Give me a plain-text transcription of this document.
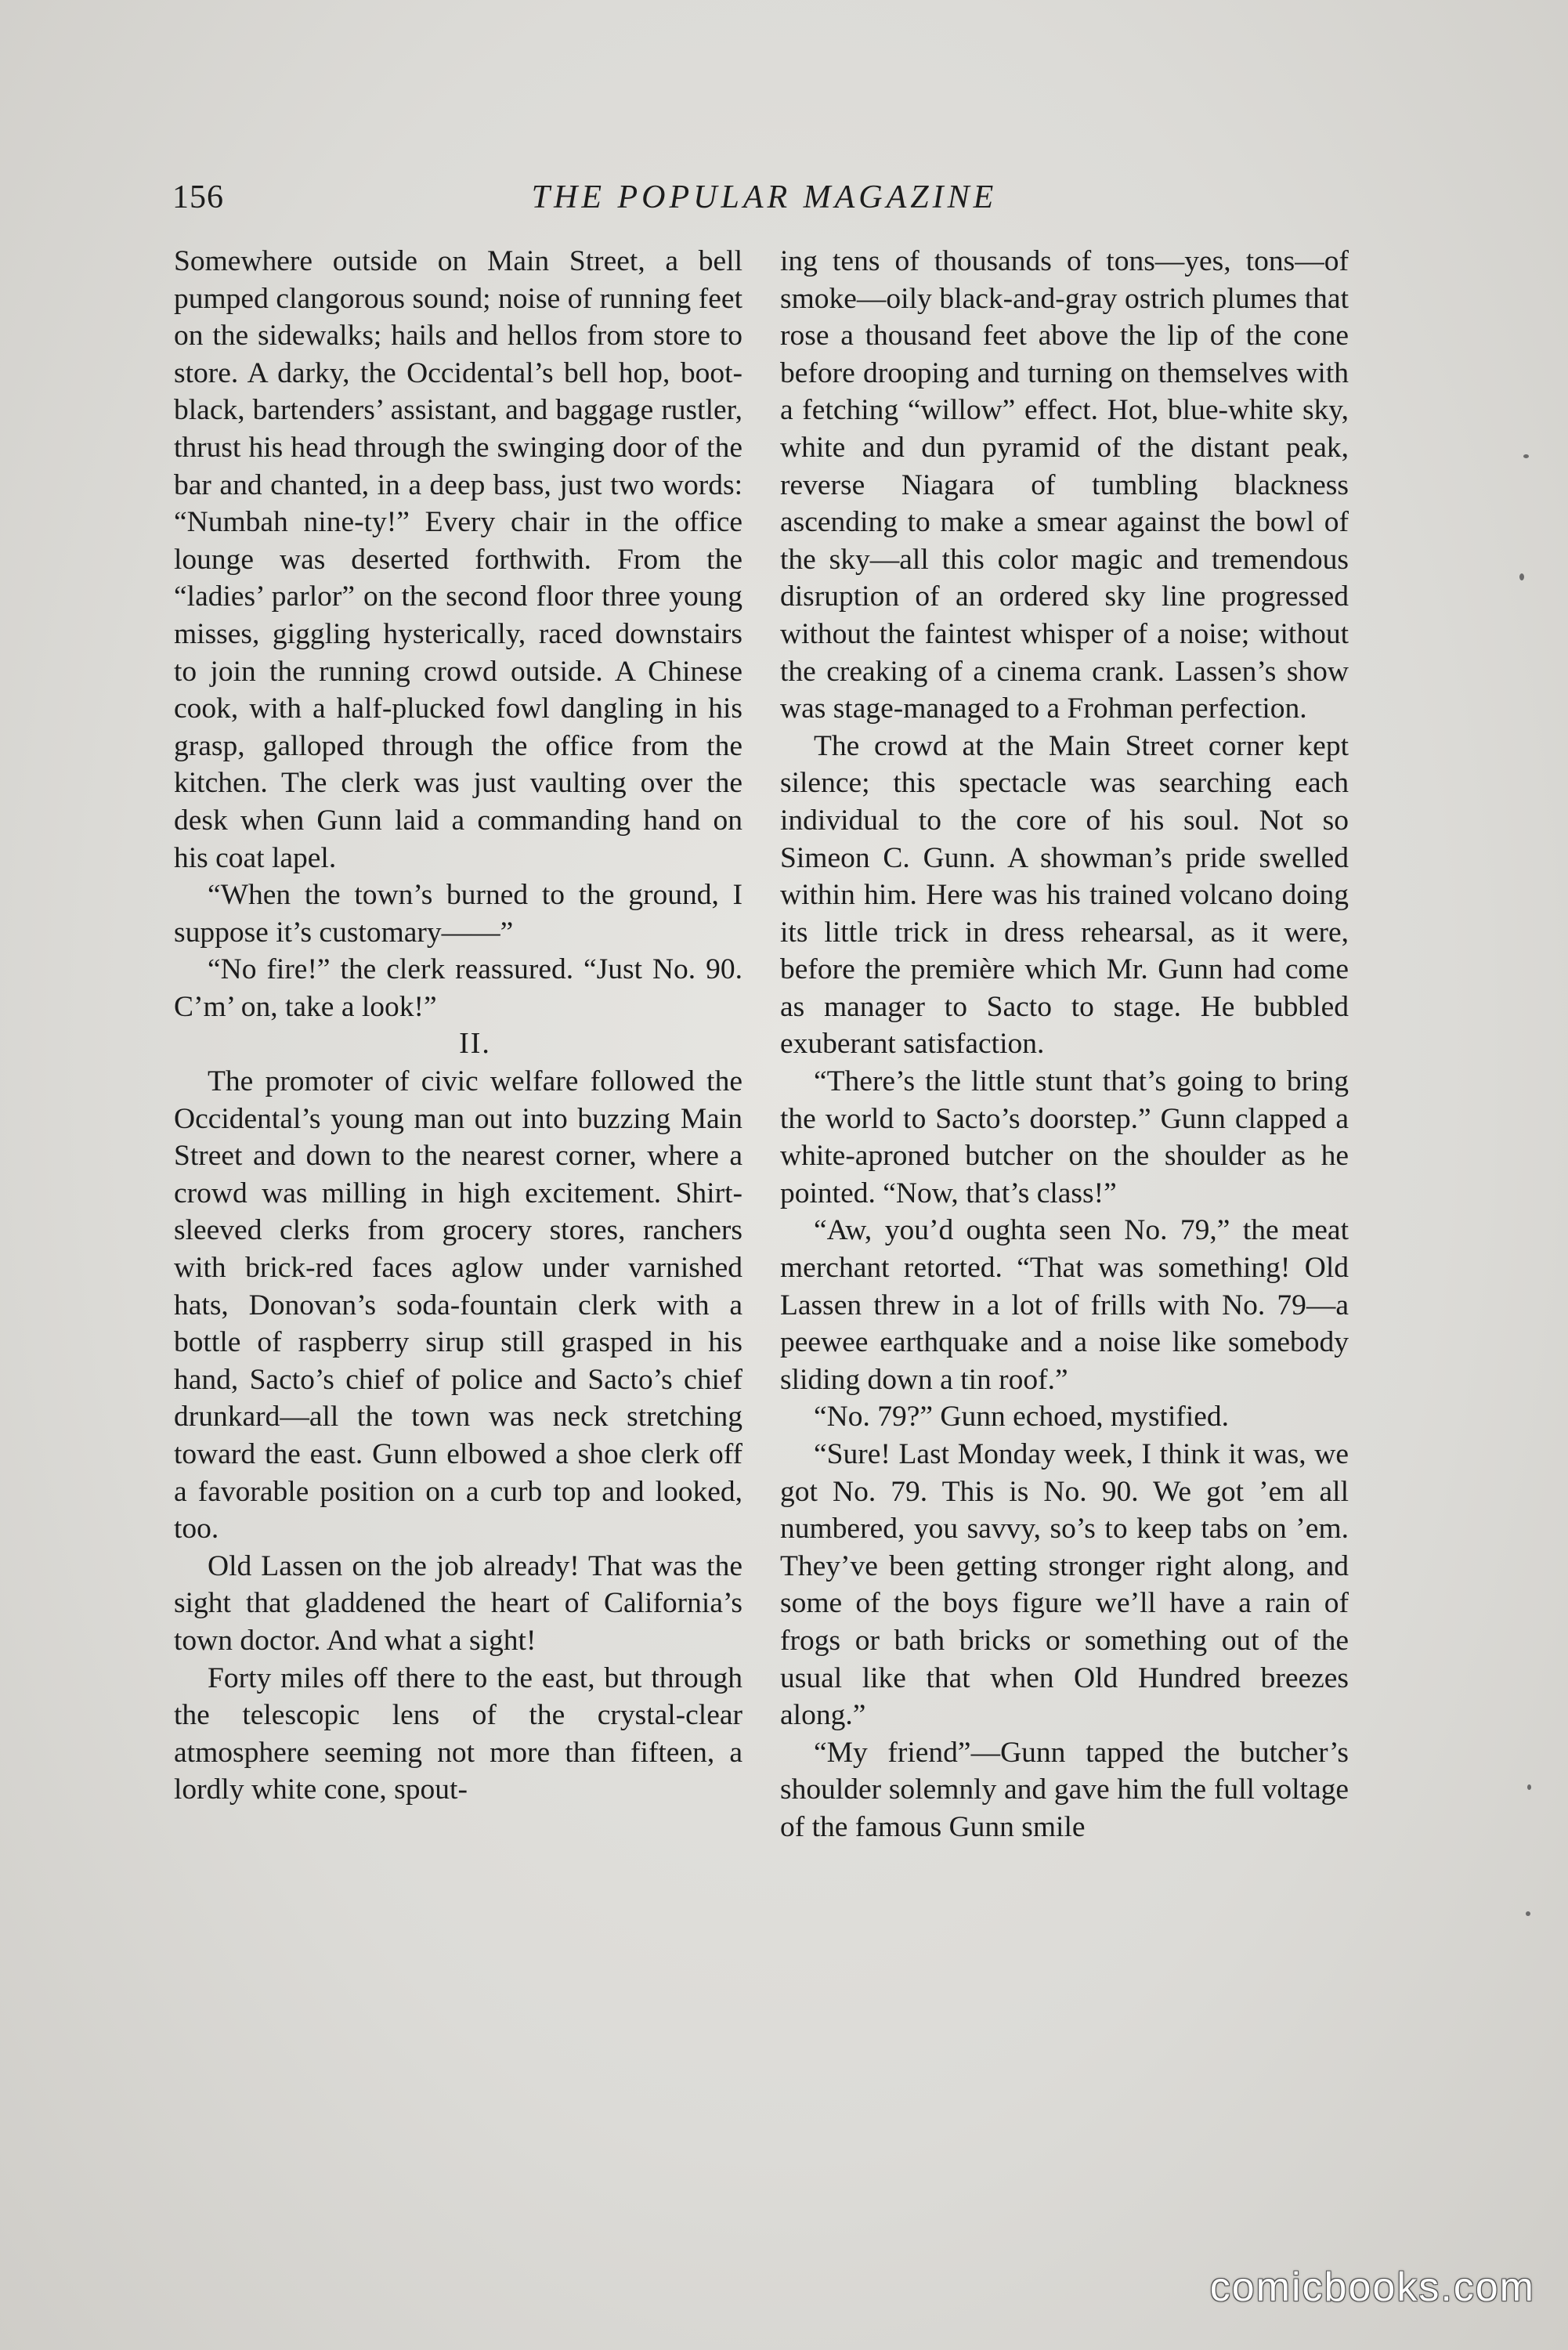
156	THE POPULAR MAGAZINE

Somewhere outside on Main Street, a bell pumped clangorous sound; noise of running feet on the sidewalks; hails and hellos from store to store. A darky, the Occidental’s bell hop, boot-black, bartenders’ assistant, and baggage rustler, thrust his head through the swinging door of the bar and chanted, in a deep bass, just two words: “Numbah nine-ty!” Every chair in the office lounge was deserted forthwith. From the “ladies’ parlor” on the second floor three young misses, giggling hysterically, raced downstairs to join the running crowd outside. A Chinese cook, with a half-plucked fowl dangling in his grasp, galloped through the office from the kitchen. The clerk was just vaulting over the desk when Gunn laid a commanding hand on his coat lapel.

“When the town’s burned to the ground, I suppose it’s customary——”

“No fire!” the clerk reassured. “Just No. 90. C’m’ on, take a look!”

II.

The promoter of civic welfare followed the Occidental’s young man out into buzzing Main Street and down to the nearest corner, where a crowd was milling in high excitement. Shirt-sleeved clerks from grocery stores, ranchers with brick-red faces aglow under varnished hats, Donovan’s soda-fountain clerk with a bottle of raspberry sirup still grasped in his hand, Sacto’s chief of police and Sacto’s chief drunkard—all the town was neck stretching toward the east. Gunn elbowed a shoe clerk off a favorable position on a curb top and looked, too.

Old Lassen on the job already! That was the sight that gladdened the heart of California’s town doctor. And what a sight!

Forty miles off there to the east, but through the telescopic lens of the crystal-clear atmosphere seeming not more than fifteen, a lordly white cone, spout-

ing tens of thousands of tons—yes, tons—of smoke—oily black-and-gray ostrich plumes that rose a thousand feet above the lip of the cone before drooping and turning on themselves with a fetching “willow” effect. Hot, blue-white sky, white and dun pyramid of the distant peak, reverse Niagara of tumbling blackness ascending to make a smear against the bowl of the sky—all this color magic and tremendous disruption of an ordered sky line progressed without the faintest whisper of a noise; without the creaking of a cinema crank. Lassen’s show was stage-managed to a Frohman perfection.

The crowd at the Main Street corner kept silence; this spectacle was searching each individual to the core of his soul. Not so Simeon C. Gunn. A showman’s pride swelled within him. Here was his trained volcano doing its little trick in dress rehearsal, as it were, before the première which Mr. Gunn had come as manager to Sacto to stage. He bubbled exuberant satisfaction.

“There’s the little stunt that’s going to bring the world to Sacto’s doorstep.” Gunn clapped a white-aproned butcher on the shoulder as he pointed. “Now, that’s class!”

“Aw, you’d oughta seen No. 79,” the meat merchant retorted. “That was something! Old Lassen threw in a lot of frills with No. 79—a peewee earthquake and a noise like somebody sliding down a tin roof.”

“No. 79?” Gunn echoed, mystified.

“Sure! Last Monday week, I think it was, we got No. 79. This is No. 90. We got ’em all numbered, you savvy, so’s to keep tabs on ’em. They’ve been getting stronger right along, and some of the boys figure we’ll have a rain of frogs or bath bricks or something out of the usual like that when Old Hundred breezes along.”

“My friend”—Gunn tapped the butcher’s shoulder solemnly and gave him the full voltage of the famous Gunn smile

comicbooks.com
